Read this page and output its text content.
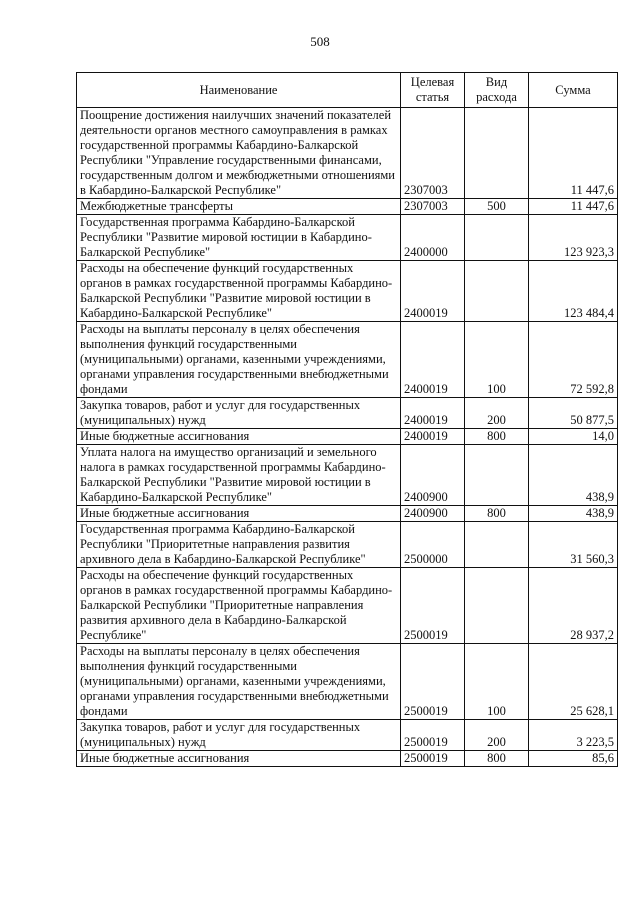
508
Наименование	Целевая статья	Вид расхода	Сумма
Поощрение достижения наилучших значений показателей деятельности органов местного самоуправления в рамках государственной программы Кабардино-Балкарской Республики "Управление государственными финансами, государственным долгом и межбюджетными отношениями в Кабардино-Балкарской Республике"	2307003		11 447,6
Межбюджетные трансферты	2307003	500	11 447,6
Государственная программа Кабардино-Балкарской Республики "Развитие мировой юстиции в Кабардино-Балкарской Республике"	2400000		123 923,3
Расходы на обеспечение функций государственных органов в рамках государственной программы Кабардино-Балкарской Республики "Развитие мировой юстиции в Кабардино-Балкарской Республике"	2400019		123 484,4
Расходы на выплаты персоналу в целях обеспечения выполнения функций государственными (муниципальными) органами, казенными учреждениями, органами управления государственными внебюджетными фондами	2400019	100	72 592,8
Закупка товаров, работ и услуг для государственных (муниципальных) нужд	2400019	200	50 877,5
Иные бюджетные ассигнования	2400019	800	14,0
Уплата налога на имущество организаций и земельного налога в рамках государственной программы Кабардино-Балкарской Республики "Развитие мировой юстиции в Кабардино-Балкарской Республике"	2400900		438,9
Иные бюджетные ассигнования	2400900	800	438,9
Государственная программа Кабардино-Балкарской Республики "Приоритетные направления развития архивного дела в Кабардино-Балкарской Республике"	2500000		31 560,3
Расходы на обеспечение функций государственных органов в рамках государственной программы Кабардино-Балкарской Республики "Приоритетные направления развития архивного дела в Кабардино-Балкарской Республике"	2500019		28 937,2
Расходы на выплаты персоналу в целях обеспечения выполнения функций государственными (муниципальными) органами, казенными учреждениями, органами управления государственными внебюджетными фондами	2500019	100	25 628,1
Закупка товаров, работ и услуг для государственных (муниципальных) нужд	2500019	200	3 223,5
Иные бюджетные ассигнования	2500019	800	85,6
